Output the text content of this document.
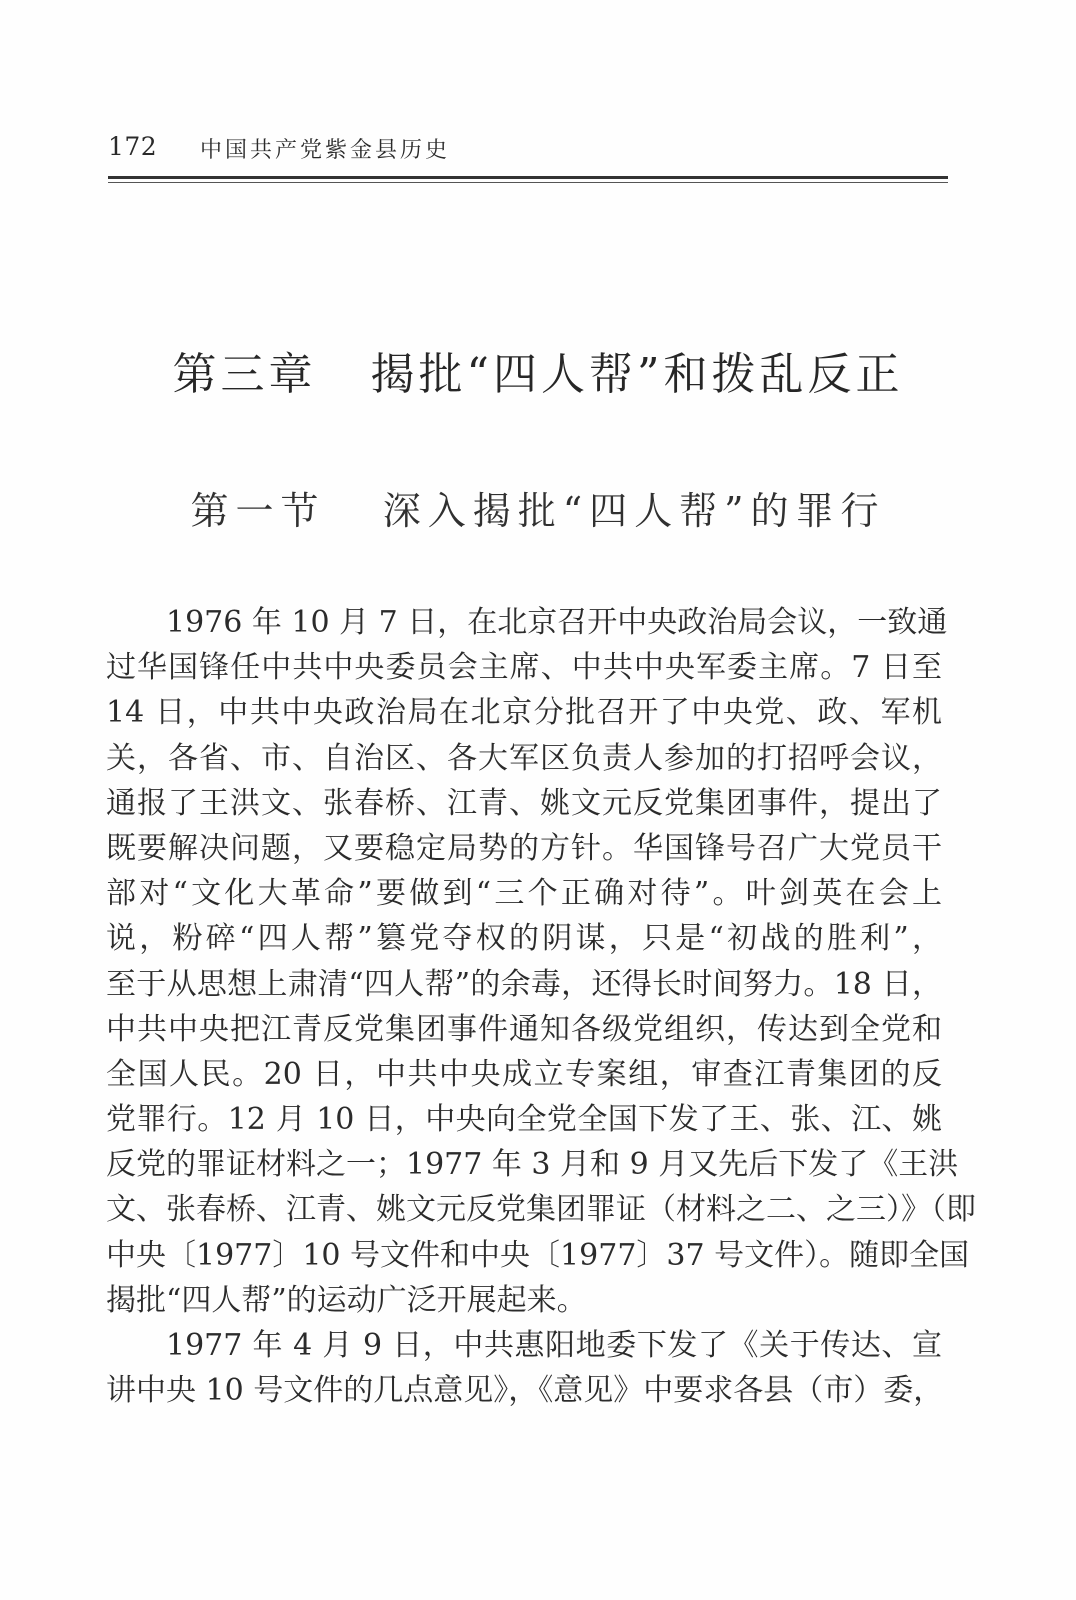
172 中国共产党紫金县历史
第三章   揭批“四人帮”和拨乱反正
第一节   深入揭批“四人帮”的罪行
1976 年 10 月 7 日，在北京召开中央政治局会议，一致通
过华国锋任中共中央委员会主席、中共中央军委主席。7 日至
14 日，中共中央政治局在北京分批召开了中央党、政、军机
关，各省、市、自治区、各大军区负责人参加的打招呼会议，
通报了王洪文、张春桥、江青、姚文元反党集团事件，提出了
既要解决问题，又要稳定局势的方针。华国锋号召广大党员干
部对“文化大革命”要做到“三个正确对待”。叶剑英在会上
说，粉碎“四人帮”篡党夺权的阴谋，只是“初战的胜利”，
至于从思想上肃清“四人帮”的余毒，还得长时间努力。18 日，
中共中央把江青反党集团事件通知各级党组织，传达到全党和
全国人民。20 日，中共中央成立专案组，审查江青集团的反
党罪行。12 月 10 日，中央向全党全国下发了王、张、江、姚
反党的罪证材料之一；1977 年 3 月和 9 月又先后下发了《王洪
文、张春桥、江青、姚文元反党集团罪证（材料之二、之三）》（即
中央〔1977〕10 号文件和中央〔1977〕37 号文件）。随即全国
揭批“四人帮”的运动广泛开展起来。
1977 年 4 月 9 日，中共惠阳地委下发了《关于传达、宣
讲中央 10 号文件的几点意见》，《意见》中要求各县（市）委，
